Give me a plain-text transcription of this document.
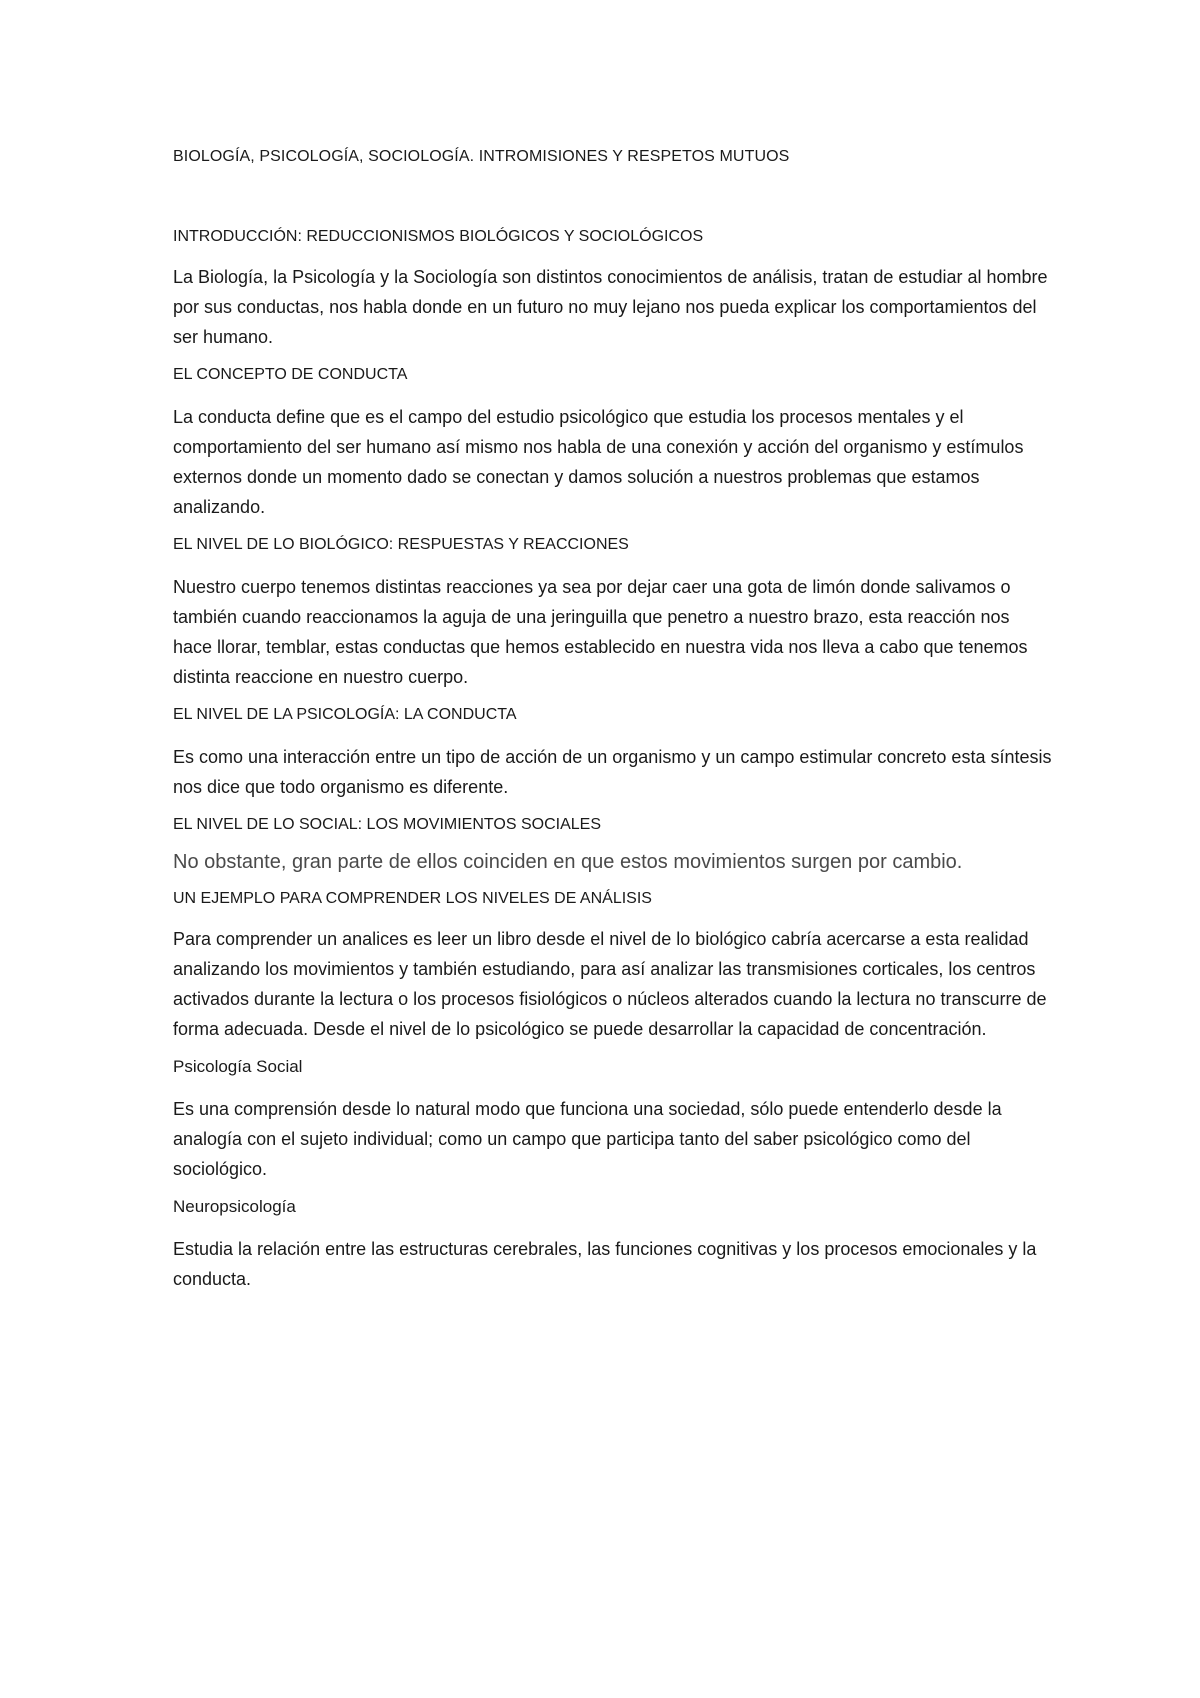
BIOLOGÍA, PSICOLOGÍA, SOCIOLOGÍA. INTROMISIONES Y RESPETOS MUTUOS

INTRODUCCIÓN: REDUCCIONISMOS BIOLÓGICOS Y SOCIOLÓGICOS

La Biología, la Psicología y la Sociología son distintos conocimientos de análisis, tratan de estudiar al hombre por sus conductas, nos habla donde en un futuro no muy lejano nos pueda explicar los comportamientos del ser humano.

EL CONCEPTO DE CONDUCTA

La conducta define que es el campo del estudio psicológico que estudia los procesos mentales y el comportamiento del ser humano así mismo nos habla de una conexión y acción del organismo y estímulos externos donde un momento dado se conectan y damos solución a nuestros problemas que estamos analizando.

EL NIVEL DE LO BIOLÓGICO: RESPUESTAS Y REACCIONES

Nuestro cuerpo tenemos distintas reacciones ya sea por dejar caer una gota de limón donde salivamos o también cuando reaccionamos la aguja de una jeringuilla que penetro a nuestro brazo, esta reacción nos hace llorar, temblar, estas conductas que hemos establecido en nuestra vida nos lleva a cabo que tenemos distinta reaccione en nuestro cuerpo.

EL NIVEL DE LA PSICOLOGÍA: LA CONDUCTA

Es como una interacción entre un tipo de acción de un organismo y un campo estimular concreto esta síntesis nos dice que todo organismo es diferente.

EL NIVEL DE LO SOCIAL: LOS MOVIMIENTOS SOCIALES

No obstante, gran parte de ellos coinciden en que estos movimientos surgen por cambio.

UN EJEMPLO PARA COMPRENDER LOS NIVELES DE ANÁLISIS

Para comprender un analices es leer un libro desde el nivel de lo biológico cabría acercarse a esta realidad analizando los movimientos y también estudiando, para así analizar las transmisiones corticales, los centros activados durante la lectura o los procesos fisiológicos o núcleos alterados cuando la lectura no transcurre de forma adecuada. Desde el nivel de lo psicológico se puede desarrollar la capacidad de concentración.

Psicología Social

Es una comprensión desde lo natural modo que funciona una sociedad, sólo puede entenderlo desde la analogía con el sujeto individual; como un campo que participa tanto del saber psicológico como del sociológico.

Neuropsicología

Estudia la relación entre las estructuras cerebrales, las funciones cognitivas y los procesos emocionales y la conducta.
